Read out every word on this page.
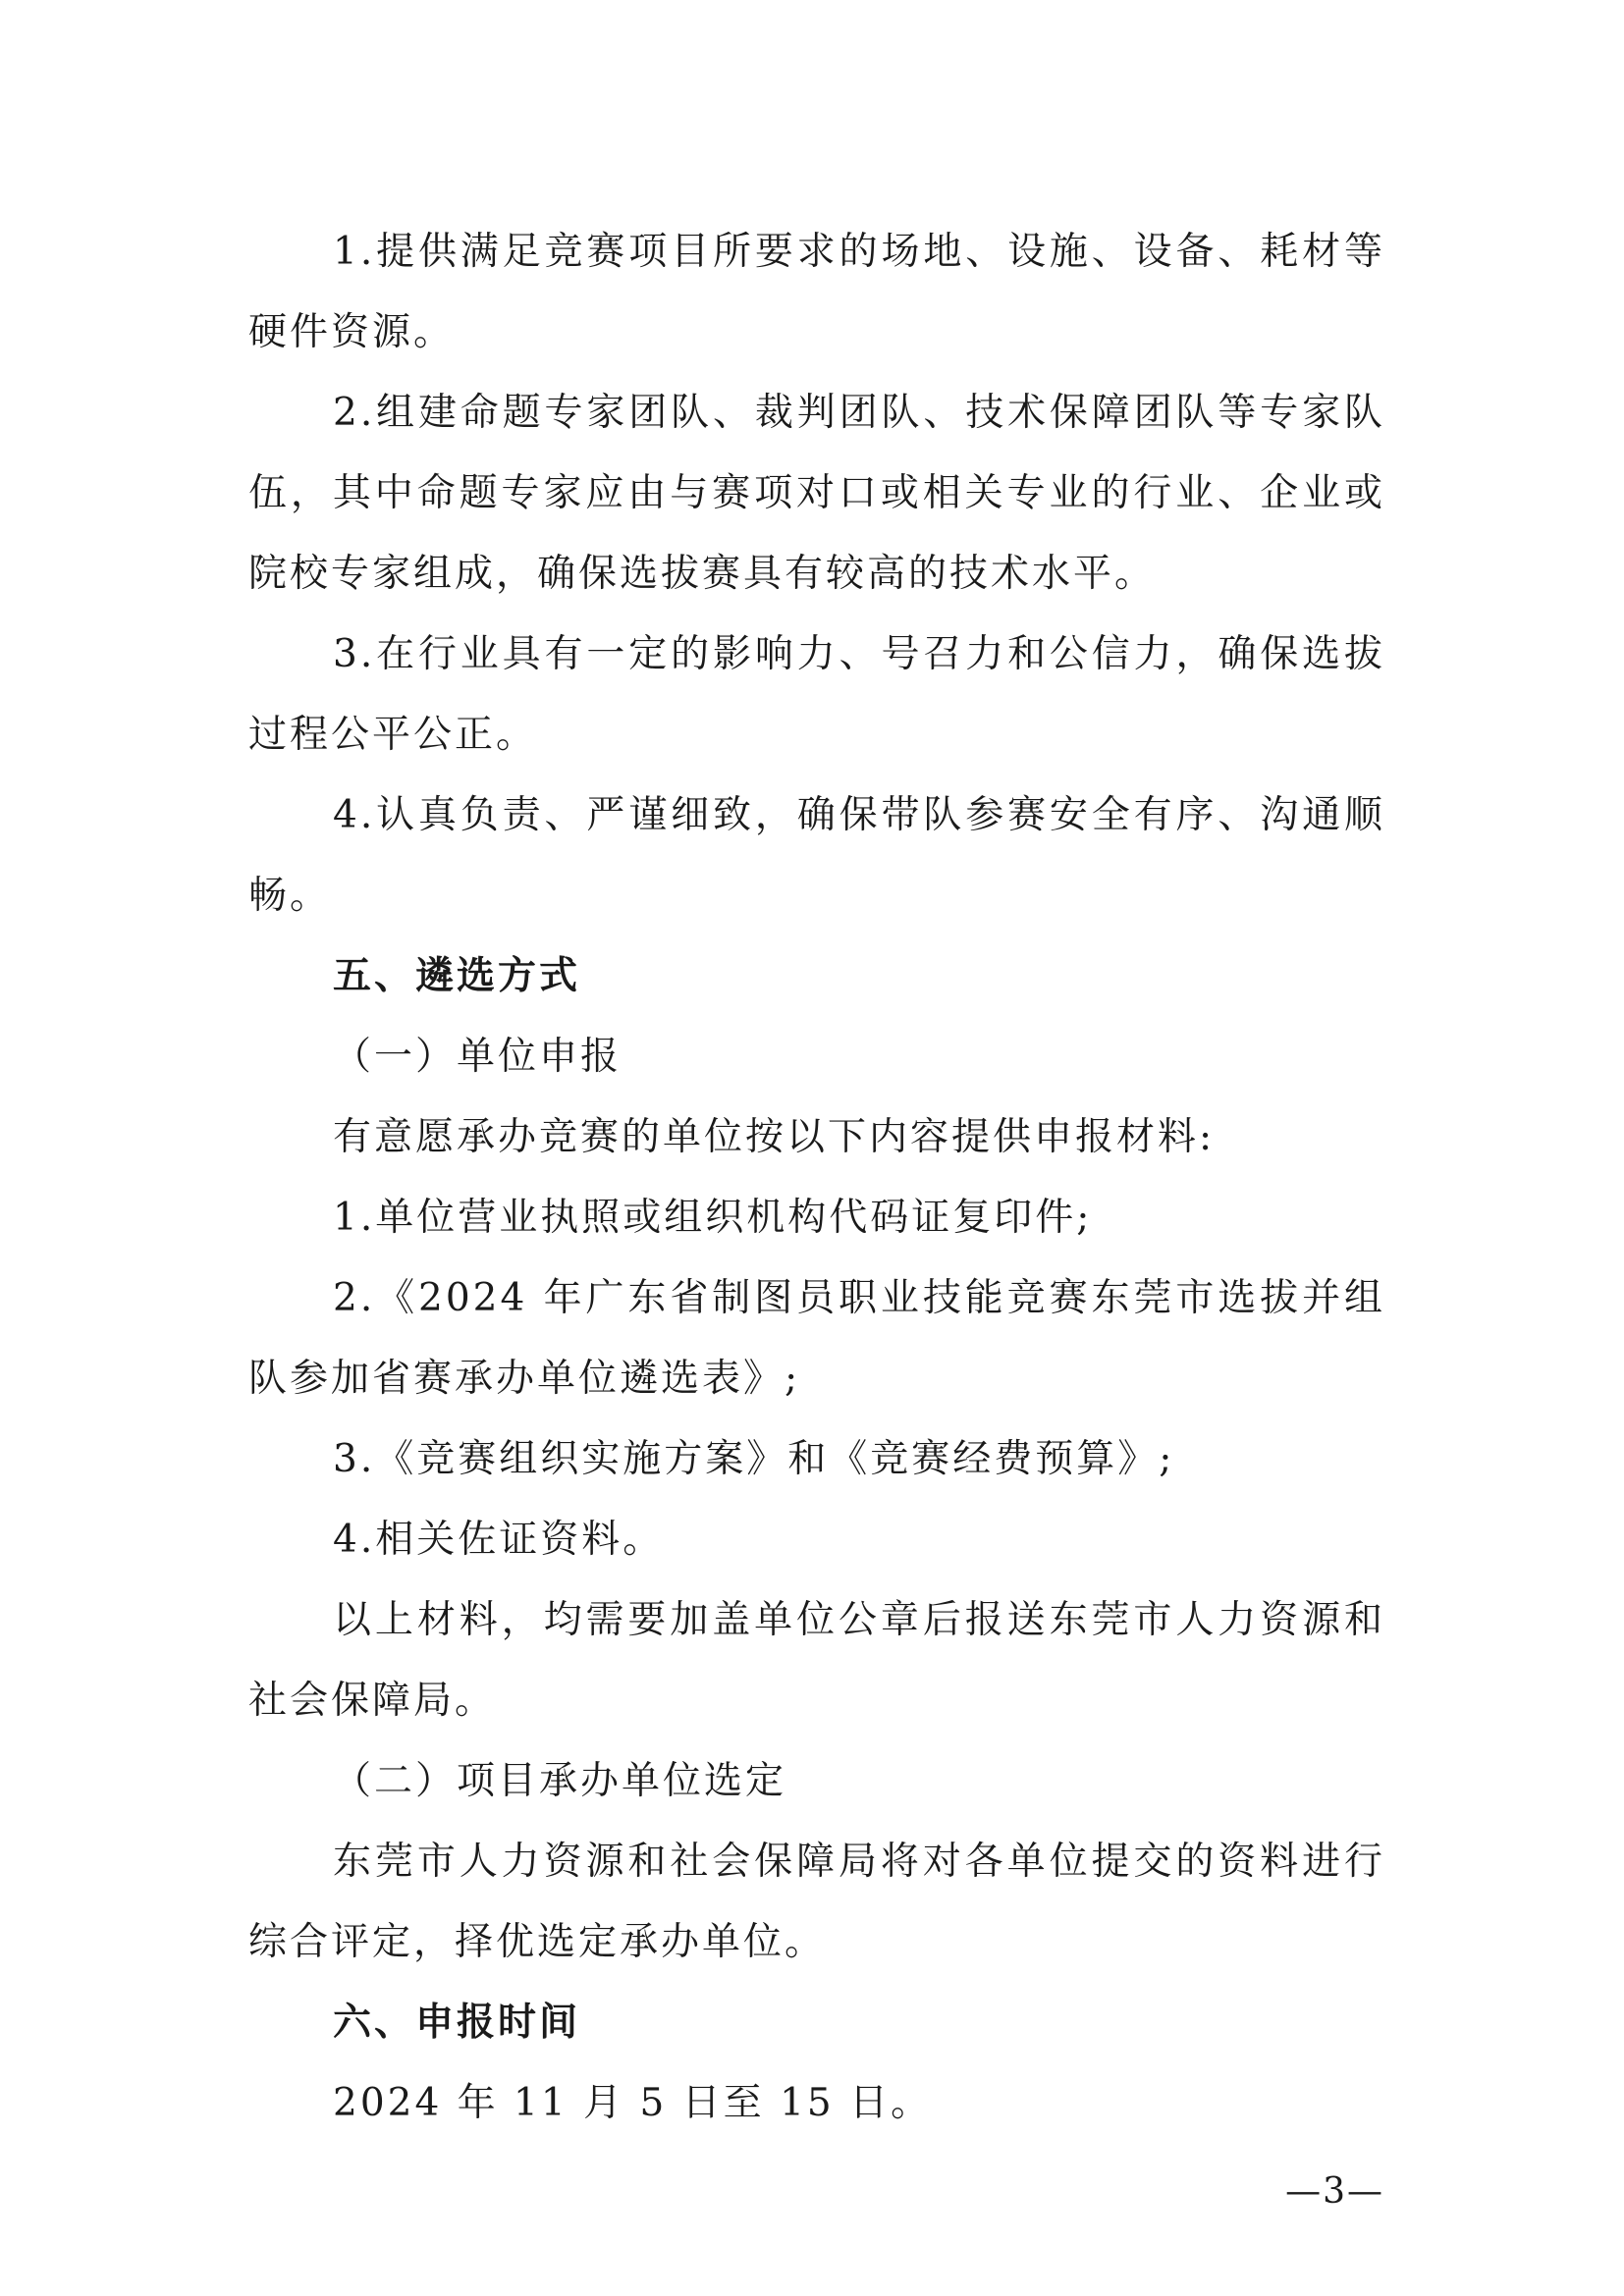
1.提供满足竞赛项目所要求的场地、设施、设备、耗材等硬件资源。

2.组建命题专家团队、裁判团队、技术保障团队等专家队伍，其中命题专家应由与赛项对口或相关专业的行业、企业或院校专家组成，确保选拔赛具有较高的技术水平。

3.在行业具有一定的影响力、号召力和公信力，确保选拔过程公平公正。

4.认真负责、严谨细致，确保带队参赛安全有序、沟通顺畅。

五、遴选方式

（一）单位申报

有意愿承办竞赛的单位按以下内容提供申报材料:

1.单位营业执照或组织机构代码证复印件;

2.《2024 年广东省制图员职业技能竞赛东莞市选拔并组队参加省赛承办单位遴选表》;

3.《竞赛组织实施方案》和《竞赛经费预算》;

4.相关佐证资料。

以上材料，均需要加盖单位公章后报送东莞市人力资源和社会保障局。

（二）项目承办单位选定

东莞市人力资源和社会保障局将对各单位提交的资料进行综合评定，择优选定承办单位。

六、申报时间

2024 年 11 月 5 日至 15 日。

—3—
